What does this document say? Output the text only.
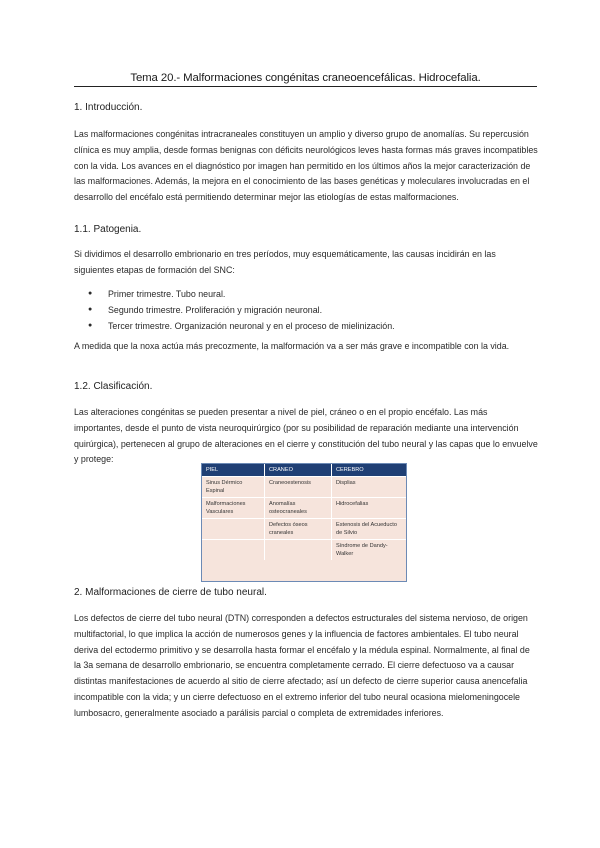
Tema 20.- Malformaciones congénitas craneoencefálicas. Hidrocefalia.
1. Introducción.
Las malformaciones congénitas intracraneales constituyen un amplio y diverso grupo de anomalías. Su repercusión clínica es muy amplia, desde formas benignas con déficits neurológicos leves hasta formas más graves incompatibles con la vida. Los avances en el diagnóstico por imagen han permitido en los últimos años la mejor caracterización de las malformaciones. Además, la mejora en el conocimiento de las bases genéticas y moleculares involucradas en el desarrollo del encéfalo está permitiendo determinar mejor las etiologías de estas malformaciones.
1.1. Patogenia.
Si dividimos el desarrollo embrionario en tres períodos, muy esquemáticamente, las causas incidirán en las siguientes etapas de formación del SNC:
● Primer trimestre. Tubo neural.
● Segundo trimestre. Proliferación y migración neuronal.
● Tercer trimestre. Organización neuronal y en el proceso de mielinización.
A medida que la noxa actúa más precozmente, la malformación va a ser más grave e incompatible con la vida.
1.2. Clasificación.
Las alteraciones congénitas se pueden presentar a nivel de piel, cráneo o en el propio encéfalo. Las más importantes, desde el punto de vista neuroquirúrgico (por su posibilidad de reparación mediante una intervención quirúrgica), pertenecen al grupo de alteraciones en el cierre y constitución del tubo neural y las capas que lo envuelve y protege:
PIEL	CRANEO	CEREBRO
Sinus Dérmico Espinal	Craneoestenosis	Displias
Malformaciones Vasculares	Anomalías osteocraneales	Hidrocefalias
	Defectos óseos craneales	Estenosis del Acueducto de Silvio
		Síndrome de Dandy-Walker
2. Malformaciones de cierre de tubo neural.
Los defectos de cierre del tubo neural (DTN) corresponden a defectos estructurales del sistema nervioso, de origen multifactorial, lo que implica la acción de numerosos genes y la influencia de factores ambientales. El tubo neural deriva del ectodermo primitivo y se desarrolla hasta formar el encéfalo y la médula espinal. Normalmente, al final de la 3a semana de desarrollo embrionario, se encuentra completamente cerrado. El cierre defectuoso va a causar distintas manifestaciones de acuerdo al sitio de cierre afectado; así un defecto de cierre superior causa anencefalia incompatible con la vida; y un cierre defectuoso en el extremo inferior del tubo neural ocasiona mielomeningocele lumbosacro, generalmente asociado a parálisis parcial o completa de extremidades inferiores.
